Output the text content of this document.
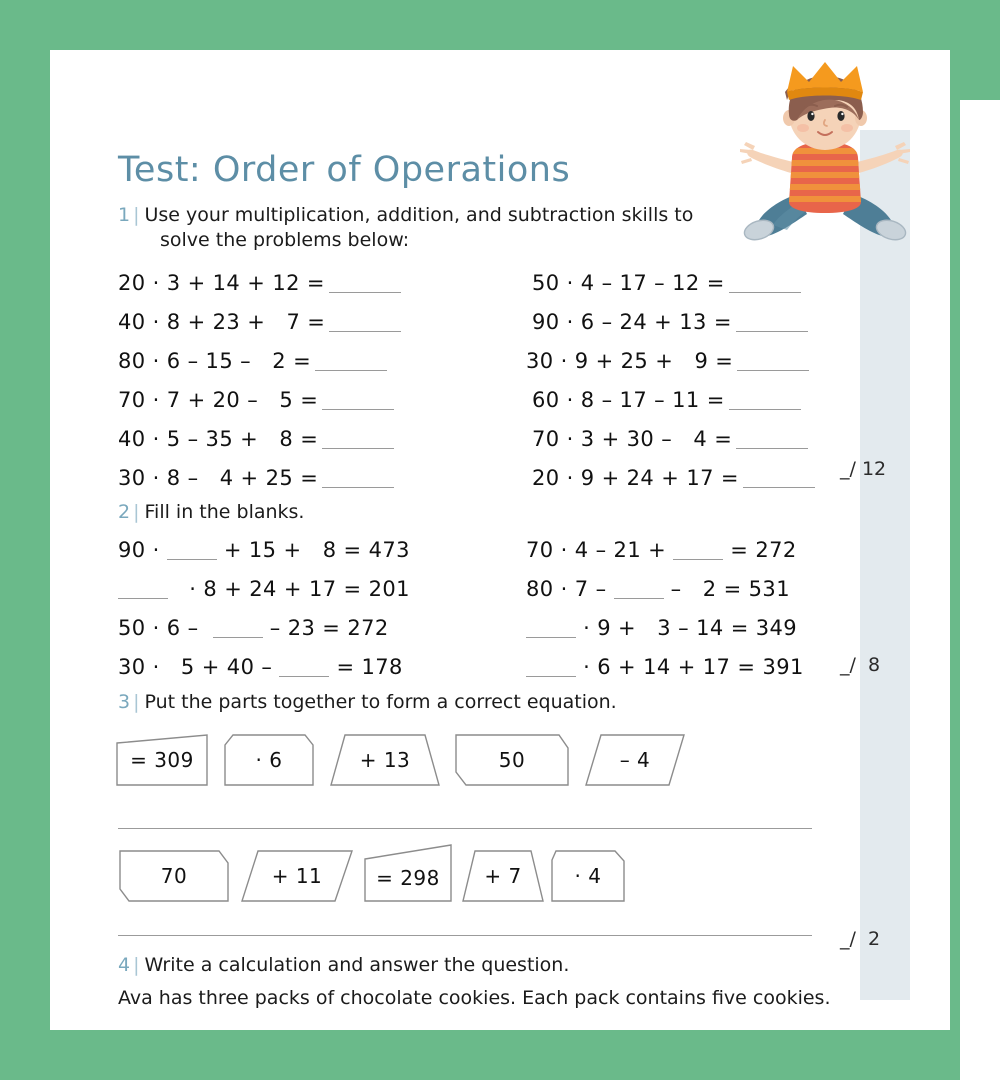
Test: Order of Operations
1 | Use your multiplication, addition, and subtraction skills to
solve the problems below:
20 · 3 + 14 + 12 =
40 · 8 + 23 +   7 =
80 · 6 – 15 –   2 =
70 · 7 + 20 –   5 =
40 · 5 – 35 +   8 =
30 · 8 –   4 + 25 =
50 · 4 – 17 – 12 =
90 · 6 – 24 + 13 =
30 · 9 + 25 +   9 =
60 · 8 – 17 – 11 =
70 · 3 + 30 –   4 =
20 · 9 + 24 + 17 =	_/ 12
2 | Fill in the blanks.
90 ·  + 15 +   8 = 473
· 8 + 24 + 17 = 201
50 · 6 –   – 23 = 272
30 ·   5 + 40 –  = 178
70 · 4 – 21 +  = 272
80 · 7 –  –   2 = 531
· 9 +   3 – 14 = 349
· 6 + 14 + 17 = 391 _/  8
3 | Put the parts together to form a correct equation.
= 309	· 6	+ 13	50	– 4
70	+ 11	= 298	+ 7	· 4
_/  2
4 | Write a calculation and answer the question.
Ava has three packs of chocolate cookies. Each pack contains five cookies.
